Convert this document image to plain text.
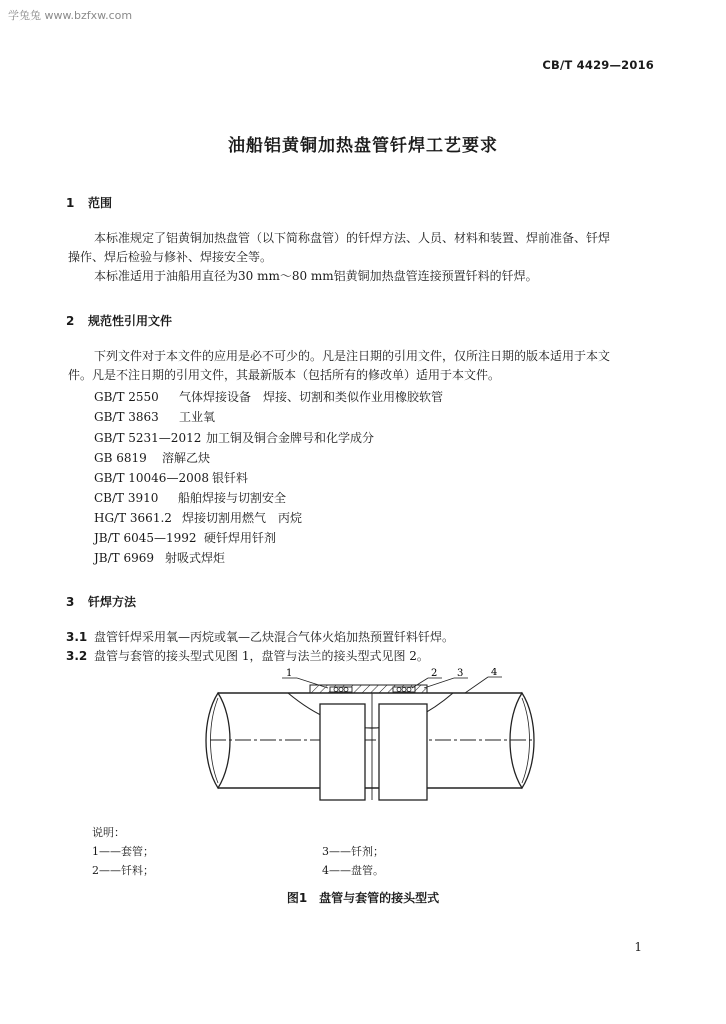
学兔兔 www.bzfxw.com
CB/T 4429—2016
油船铝黄铜加热盘管钎焊工艺要求
1 范围
本标准规定了铝黄铜加热盘管（以下简称盘管）的钎焊方法、人员、材料和装置、焊前准备、钎焊
操作、焊后检验与修补、焊接安全等。
本标准适用于油船用直径为30 mm～80 mm铝黄铜加热盘管连接预置钎料的钎焊。
2 规范性引用文件
下列文件对于本文件的应用是必不可少的。凡是注日期的引用文件，仅所注日期的版本适用于本文
件。凡是不注日期的引用文件，其最新版本（包括所有的修改单）适用于本文件。
GB/T 2550 气体焊接设备　焊接、切割和类似作业用橡胶软管
GB/T 3863 工业氧
GB/T 5231—2012 加工铜及铜合金牌号和化学成分
GB 6819 溶解乙炔
GB/T 10046—2008 银钎料
CB/T 3910 船舶焊接与切割安全
HG/T 3661.2 焊接切割用燃气　丙烷
JB/T 6045—1992 硬钎焊用钎剂
JB/T 6969 射吸式焊炬
3 钎焊方法
3.1 盘管钎焊采用氧—丙烷或氧—乙炔混合气体火焰加热预置钎料钎焊。
3.2 盘管与套管的接头型式见图 1，盘管与法兰的接头型式见图 2。
1	2 3	4
说明：
1——套管；
2——钎料；
3——钎剂；
4——盘管。
图1　盘管与套管的接头型式
1
